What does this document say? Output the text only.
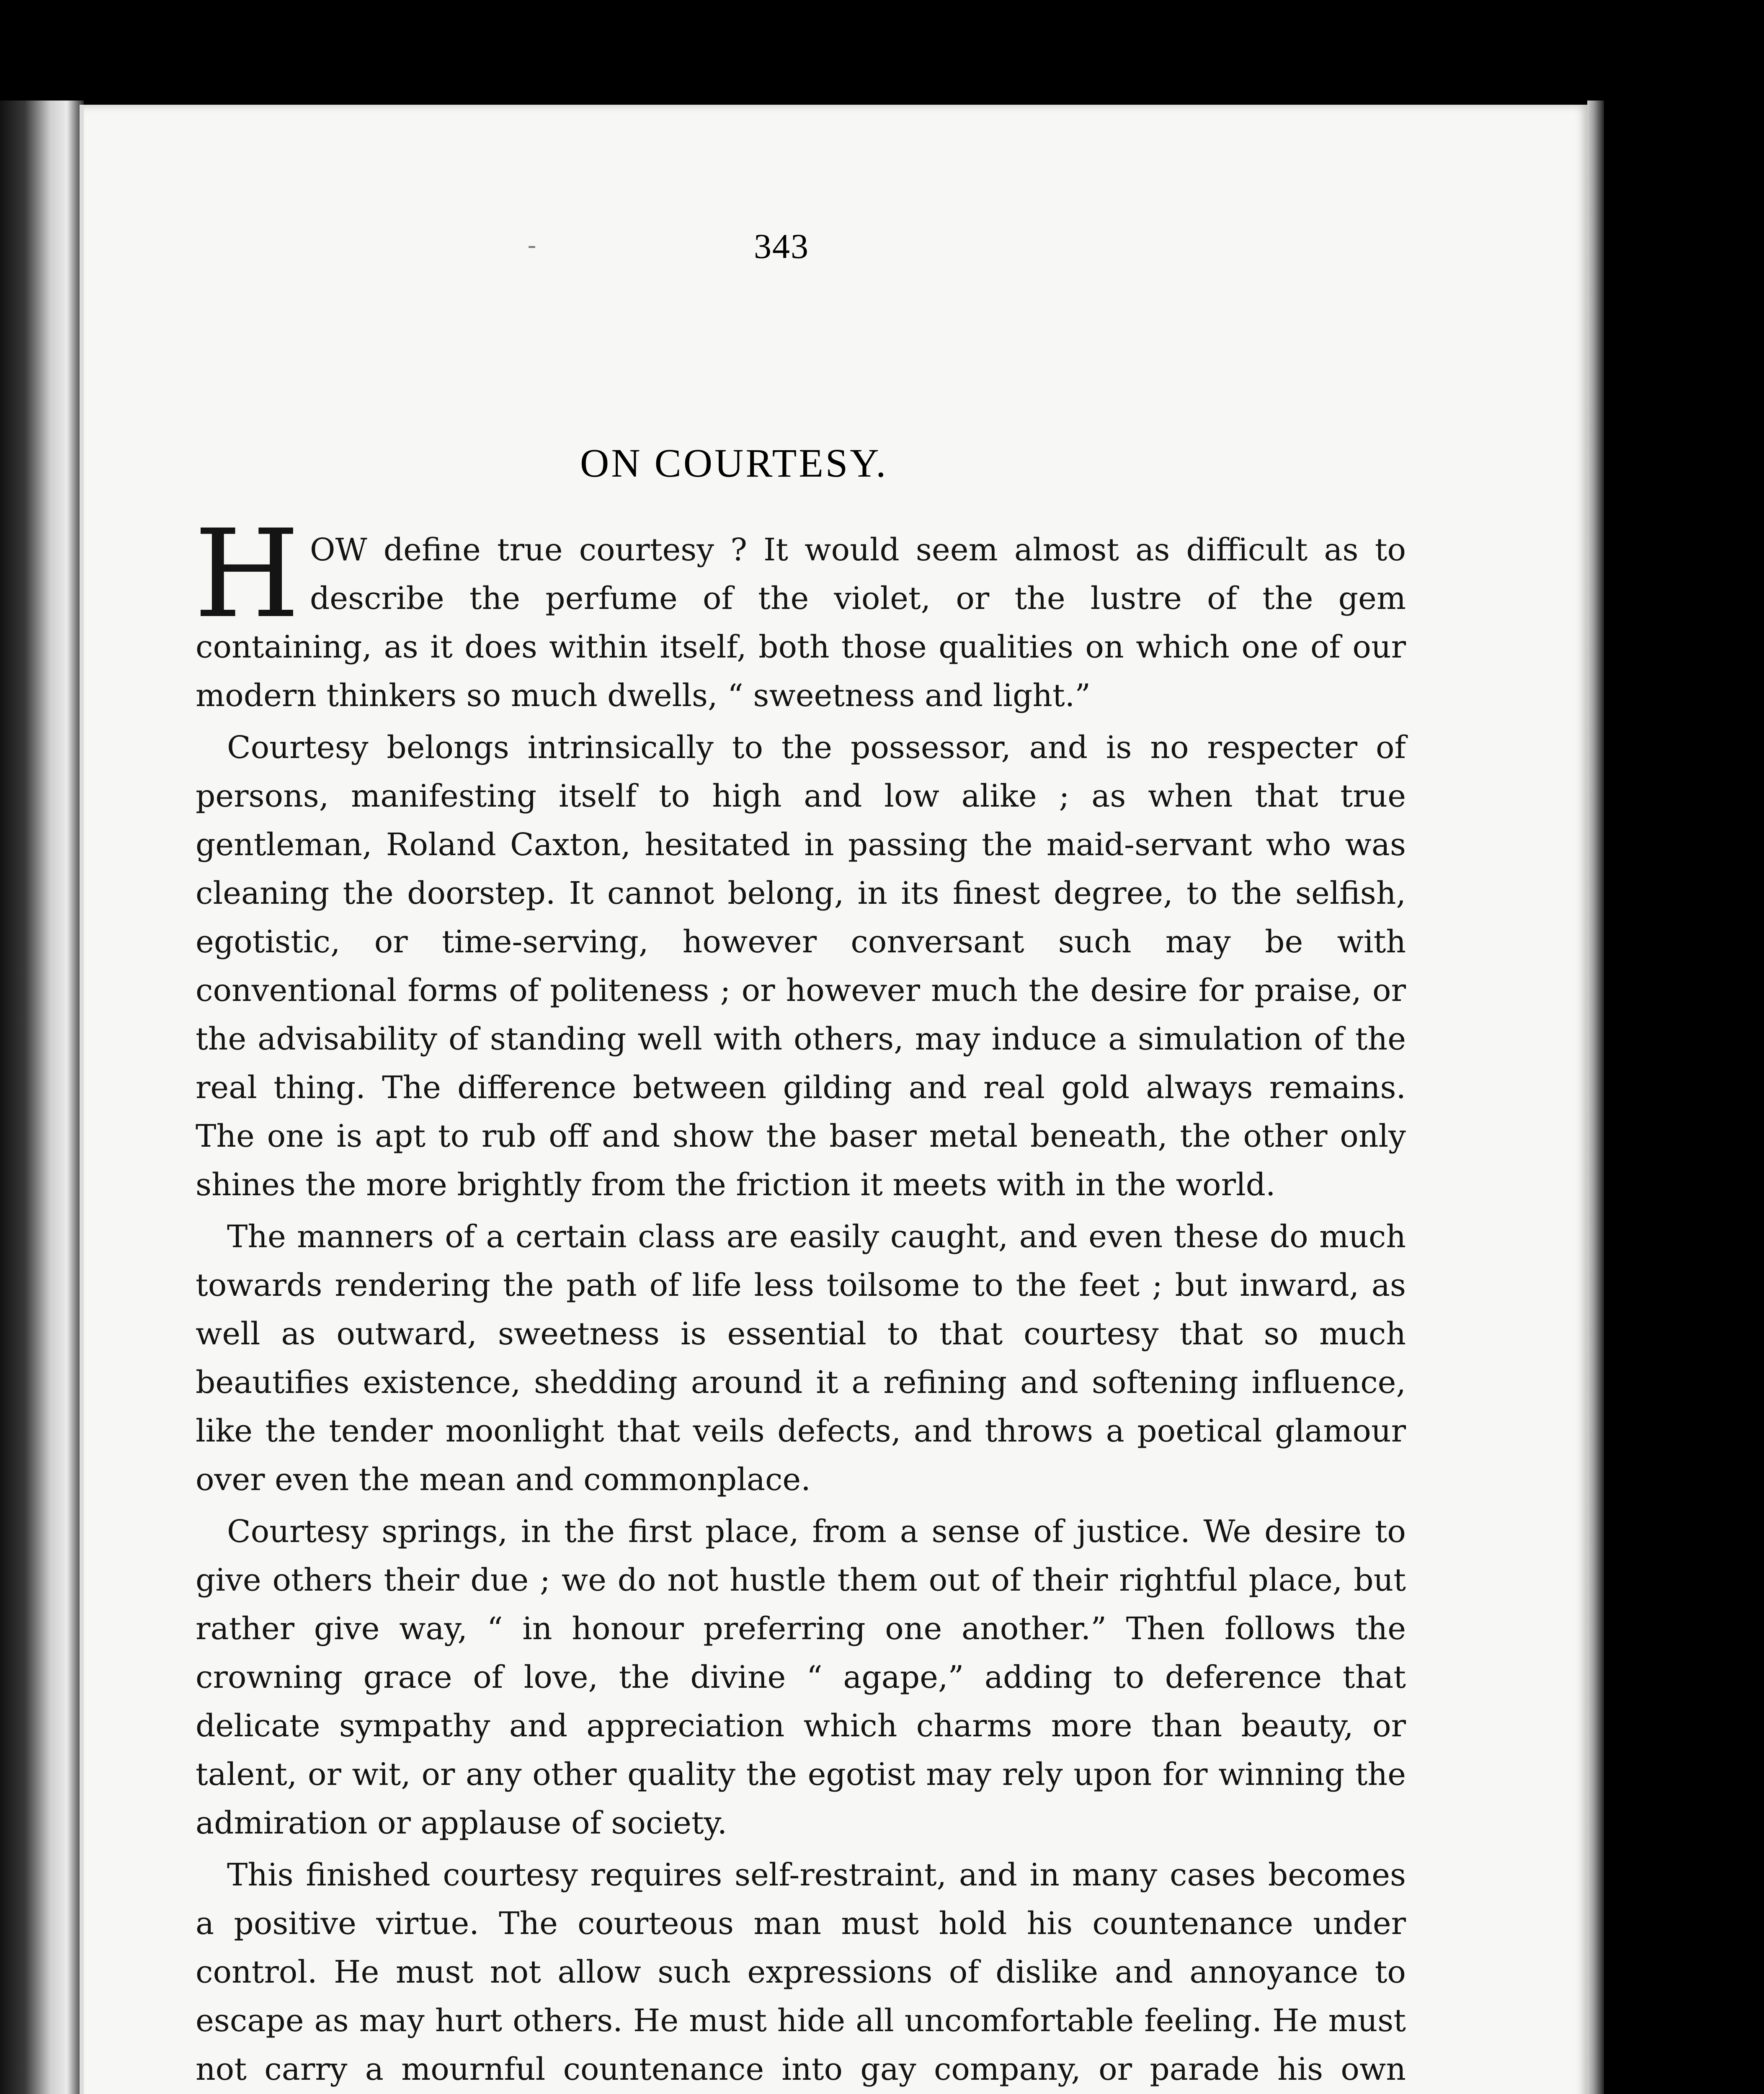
-	343
ON COURTESY.

HOW define true courtesy ? It would seem almost as difficult as to describe the perfume of the violet, or the lustre of the gem containing, as it does within itself, both those qualities on which one of our modern thinkers so much dwells, “ sweetness and light.”

Courtesy belongs intrinsically to the possessor, and is no respecter of persons, manifesting itself to high and low alike ; as when that true gentleman, Roland Caxton, hesitated in passing the maid-servant who was cleaning the doorstep. It cannot belong, in its finest degree, to the selfish, egotistic, or time-serving, however conversant such may be with conventional forms of politeness ; or however much the desire for praise, or the advisability of standing well with others, may induce a simulation of the real thing. The difference between gilding and real gold always remains. The one is apt to rub off and show the baser metal beneath, the other only shines the more brightly from the friction it meets with in the world.

The manners of a certain class are easily caught, and even these do much towards rendering the path of life less toilsome to the feet ; but inward, as well as outward, sweetness is essential to that courtesy that so much beautifies existence, shedding around it a refining and softening influence, like the tender moonlight that veils defects, and throws a poetical glamour over even the mean and commonplace.

Courtesy springs, in the first place, from a sense of justice. We desire to give others their due ; we do not hustle them out of their rightful place, but rather give way, “ in honour preferring one another.” Then follows the crowning grace of love, the divine “ agape,” adding to deference that delicate sympathy and appreciation which charms more than beauty, or talent, or wit, or any other quality the egotist may rely upon for winning the admiration or applause of society.

This finished courtesy requires self-restraint, and in many cases becomes a positive virtue. The courteous man must hold his countenance under control. He must not allow such expressions of dislike and annoyance to escape as may hurt others. He must hide all uncomfortable feeling. He must not carry a mournful countenance into gay company, or parade his own
